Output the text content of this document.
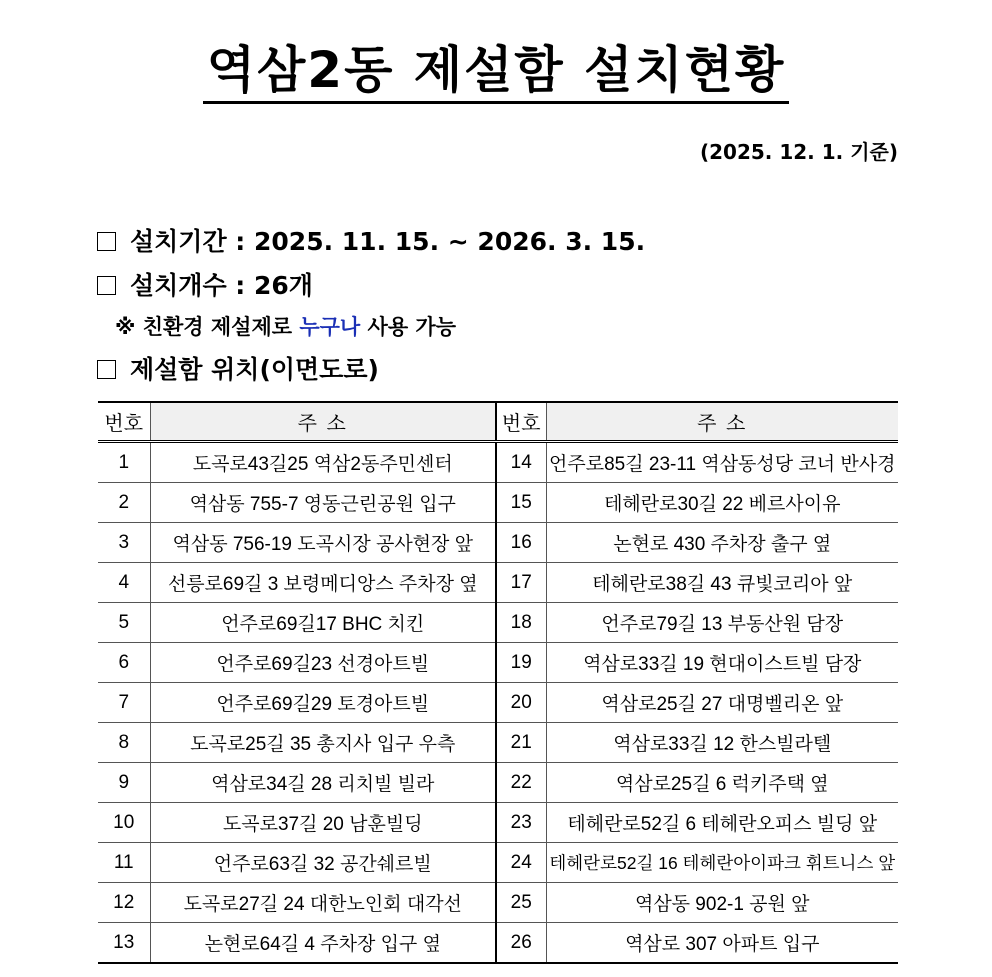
역삼2동 제설함 설치현황
(2025. 12. 1. 기준)
설치기간 : 2025. 11. 15. ~ 2026. 3. 15.
설치개수 : 26개
※ 친환경 제설제로 누구나 사용 가능
제설함 위치(이면도로)
번호	주 소	번호	주 소
1	도곡로43길25 역삼2동주민센터	14	언주로85길 23-11 역삼동성당 코너 반사경
2	역삼동 755-7 영동근린공원 입구	15	테헤란로30길 22 베르사이유
3	역삼동 756-19 도곡시장 공사현장 앞	16	논현로 430 주차장 출구 옆
4	선릉로69길 3 보령메디앙스 주차장 옆	17	테헤란로38길 43 큐빛코리아 앞
5	언주로69길17 BHC 치킨	18	언주로79길 13 부동산원 담장
6	언주로69길23 선경아트빌	19	역삼로33길 19 현대이스트빌 담장
7	언주로69길29 토경아트빌	20	역삼로25길 27 대명벨리온 앞
8	도곡로25길 35 총지사 입구 우측	21	역삼로33길 12 한스빌라텔
9	역삼로34길 28 리치빌 빌라	22	역삼로25길 6 럭키주택 옆
10	도곡로37길 20 남훈빌딩	23	테헤란로52길 6 테헤란오피스 빌딩 앞
11	언주로63길 32 공간쉐르빌	24	테헤란로52길 16 테헤란아이파크 휘트니스 앞
12	도곡로27길 24 대한노인회 대각선	25	역삼동 902-1 공원 앞
13	논현로64길 4 주차장 입구 옆	26	역삼로 307 아파트 입구
